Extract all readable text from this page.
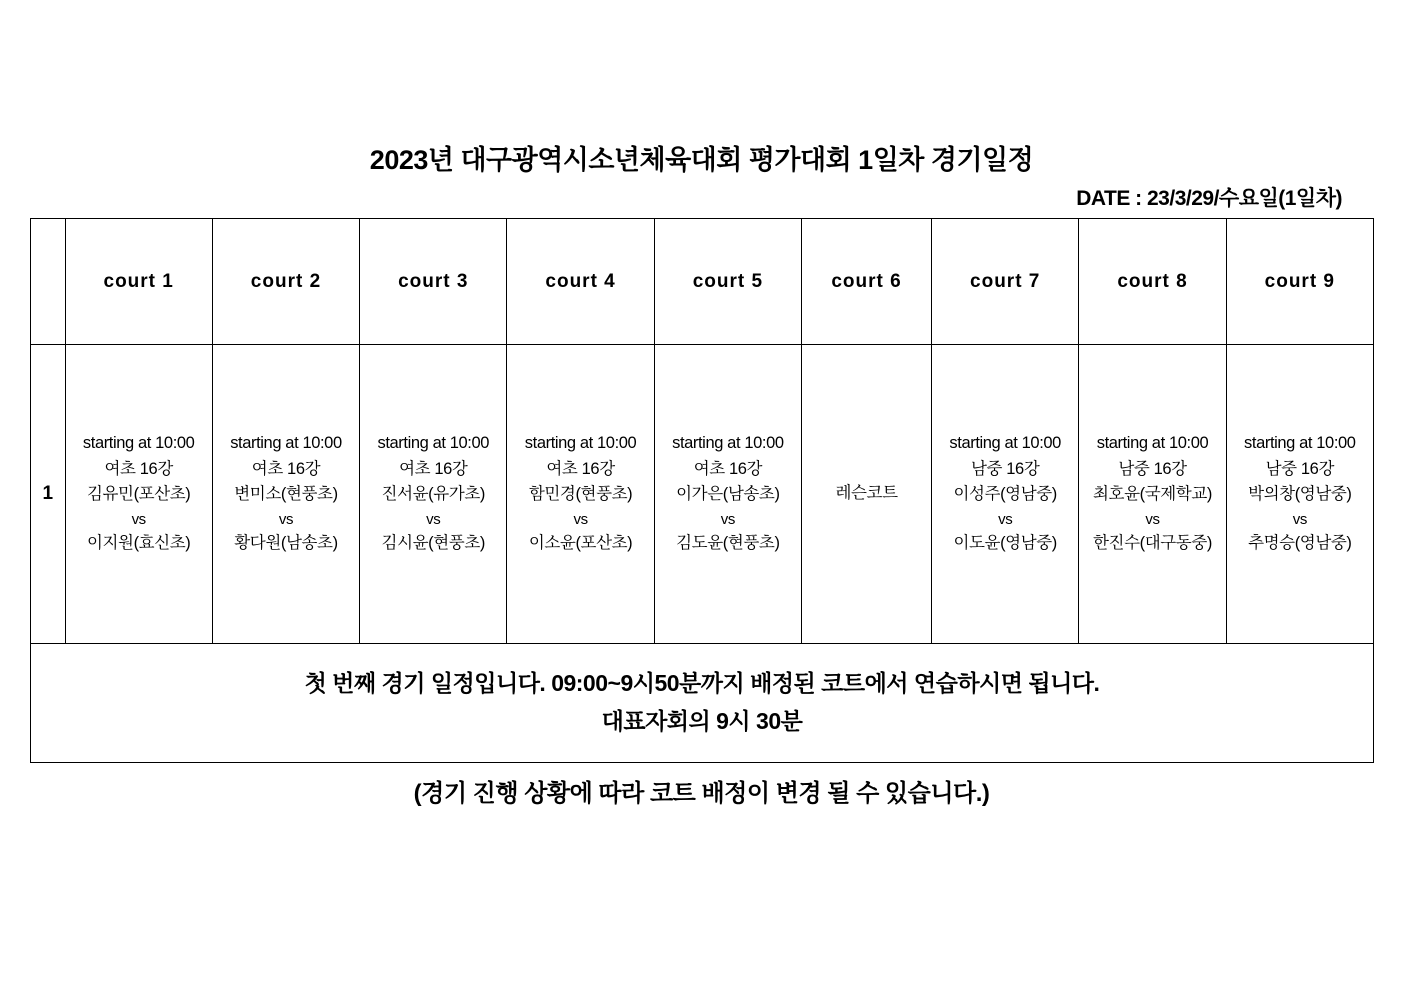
2023년 대구광역시소년체육대회 평가대회 1일차 경기일정
DATE : 23/3/29/수요일(1일차)
	court 1	court 2	court 3	court 4	court 5	court 6	court 7	court 8	court 9
1	starting at 10:00
여초 16강
김유민(포산초)
vs
이지원(효신초)	starting at 10:00
여초 16강
변미소(현풍초)
vs
황다원(남송초)	starting at 10:00
여초 16강
진서윤(유가초)
vs
김시윤(현풍초)	starting at 10:00
여초 16강
함민경(현풍초)
vs
이소윤(포산초)	starting at 10:00
여초 16강
이가은(남송초)
vs
김도윤(현풍초)	레슨코트	starting at 10:00
남중 16강
이성주(영남중)
vs
이도윤(영남중)	starting at 10:00
남중 16강
최호윤(국제학교)
vs
한진수(대구동중)	starting at 10:00
남중 16강
박의창(영남중)
vs
추명승(영남중)

첫 번째 경기 일정입니다. 09:00~9시50분까지 배정된 코트에서 연습하시면 됩니다.
대표자회의 9시 30분									
(경기 진행 상황에 따라 코트 배정이 변경 될 수 있습니다.)
